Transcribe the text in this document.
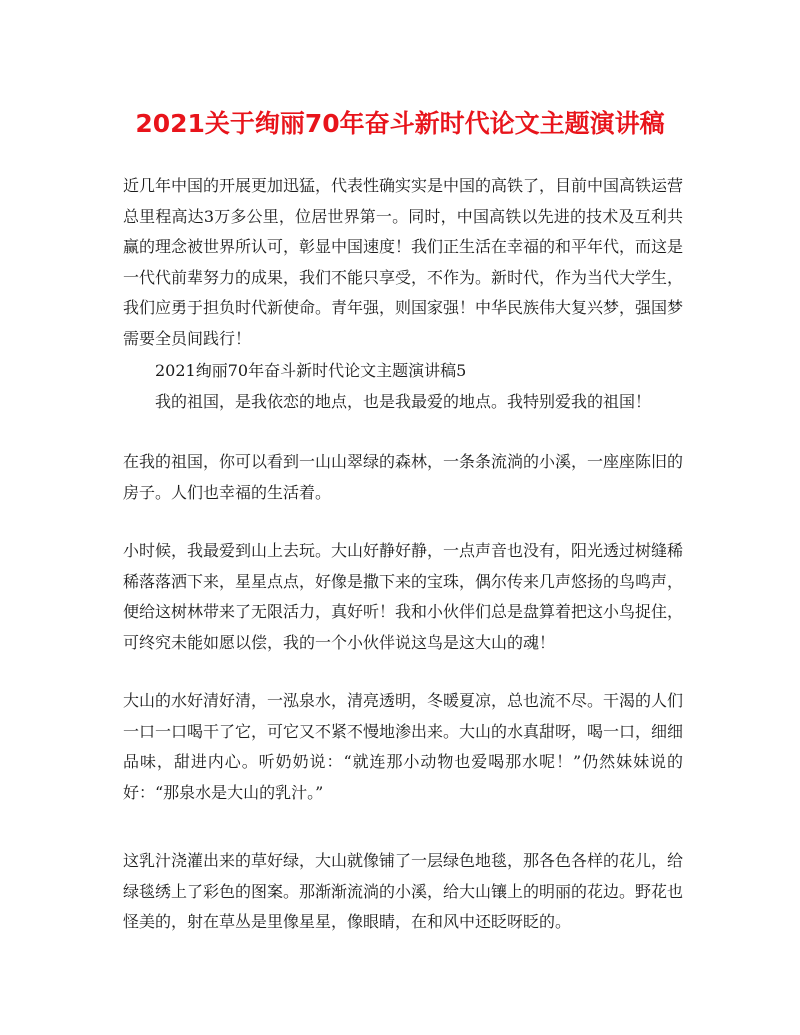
2021关于绚丽70年奋斗新时代论文主题演讲稿

近几年中国的开展更加迅猛，代表性确实实是中国的高铁了，目前中国高铁运营总里程高达3万多公里，位居世界第一。同时，中国高铁以先进的技术及互利共赢的理念被世界所认可，彰显中国速度！我们正生活在幸福的和平年代，而这是一代代前辈努力的成果，我们不能只享受，不作为。新时代，作为当代大学生，我们应勇于担负时代新使命。青年强，则国家强！中华民族伟大复兴梦，强国梦需要全员间践行！

2021绚丽70年奋斗新时代论文主题演讲稿5
我的祖国，是我依恋的地点，也是我最爱的地点。我特别爱我的祖国！

在我的祖国，你可以看到一山山翠绿的森林，一条条流淌的小溪，一座座陈旧的房子。人们也幸福的生活着。

小时候，我最爱到山上去玩。大山好静好静，一点声音也没有，阳光透过树缝稀稀落落洒下来，星星点点，好像是撒下来的宝珠，偶尔传来几声悠扬的鸟鸣声，便给这树林带来了无限活力，真好听！我和小伙伴们总是盘算着把这小鸟捉住，可终究未能如愿以偿，我的一个小伙伴说这鸟是这大山的魂！

大山的水好清好清，一泓泉水，清亮透明，冬暖夏凉，总也流不尽。干渴的人们一口一口喝干了它，可它又不紧不慢地渗出来。大山的水真甜呀，喝一口，细细品味，甜进内心。听奶奶说：“就连那小动物也爱喝那水呢！”仍然妹妹说的好：“那泉水是大山的乳汁。”

这乳汁浇灌出来的草好绿，大山就像铺了一层绿色地毯，那各色各样的花儿，给绿毯绣上了彩色的图案。那渐渐流淌的小溪，给大山镶上的明丽的花边。野花也怪美的，射在草丛是里像星星，像眼睛，在和风中还眨呀眨的。
